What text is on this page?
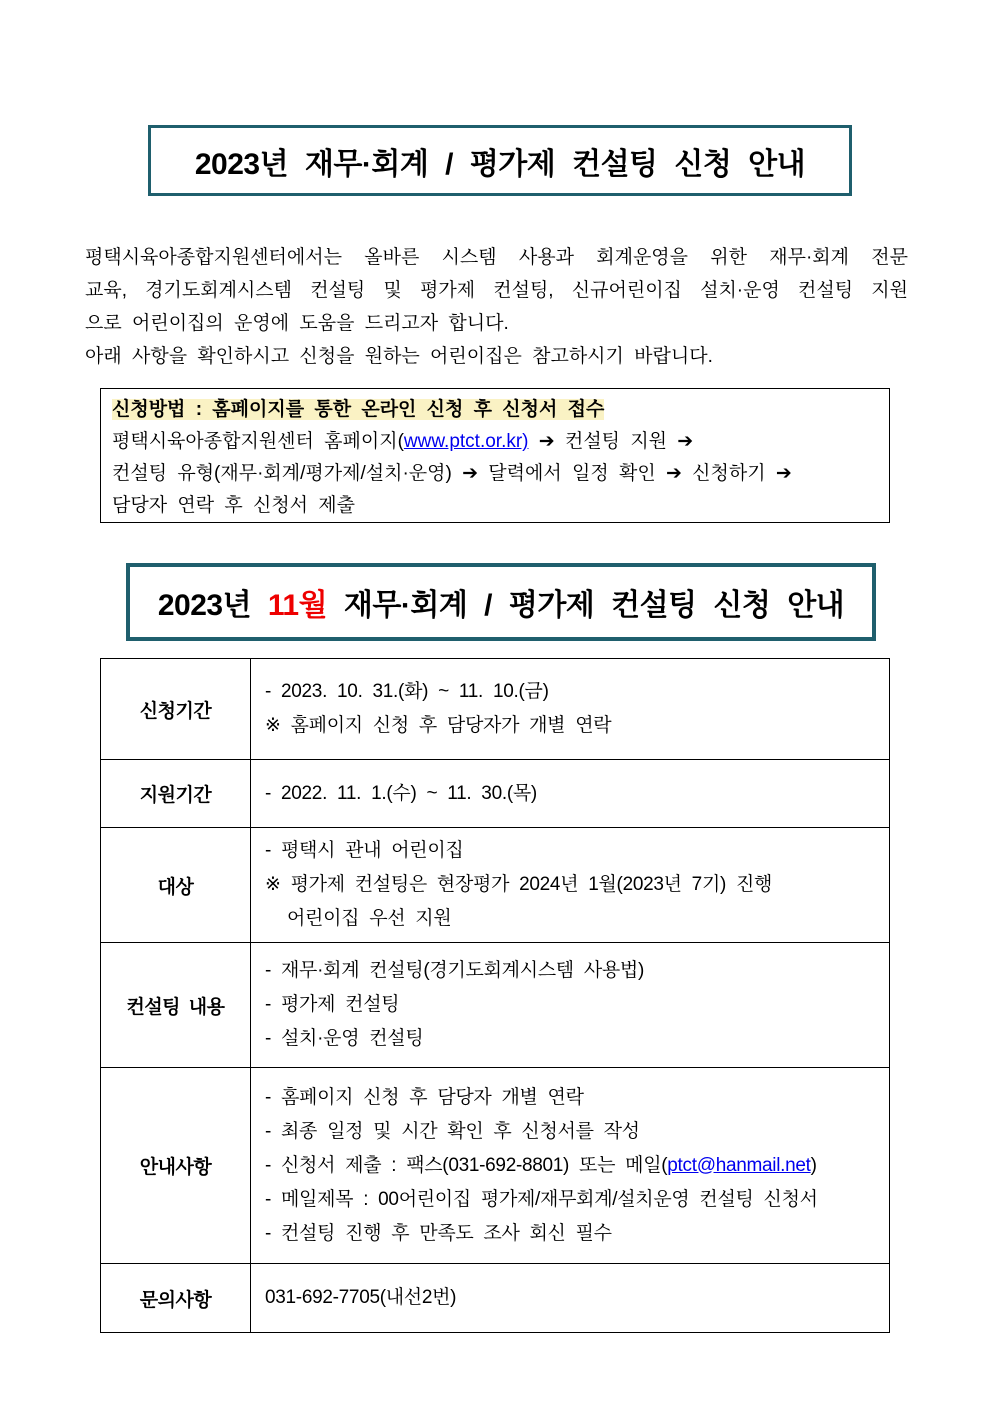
2023년 재무·회계 / 평가제 컨설팅 신청 안내
평택시육아종합지원센터에서는 올바른 시스템 사용과 회계운영을 위한 재무·회계 전문
교육, 경기도회계시스템 컨설팅 및 평가제 컨설팅, 신규어린이집 설치·운영 컨설팅 지원
으로 어린이집의 운영에 도움을 드리고자 합니다.
아래 사항을 확인하시고 신청을 원하는 어린이집은 참고하시기 바랍니다.
신청방법 : 홈페이지를 통한 온라인 신청 후 신청서 접수
평택시육아종합지원센터 홈페이지(www.ptct.or.kr) ➔ 컨설팅 지원 ➔
컨설팅 유형(재무·회계/평가제/설치·운영) ➔ 달력에서 일정 확인 ➔ 신청하기 ➔
담당자 연락 후 신청서 제출
2023년 11월 재무·회계 / 평가제 컨설팅 신청 안내
신청기간	- 2023. 10. 31.(화) ~ 11. 10.(금)
※ 홈페이지 신청 후 담당자가 개별 연락

지원기간	- 2022. 11. 1.(수) ~ 11. 30.(목)

대상	- 평택시 관내 어린이집
※ 평가제 컨설팅은 현장평가 2024년 1월(2023년 7기) 진행
어린이집 우선 지원

컨설팅 내용	- 재무·회계 컨설팅(경기도회계시스템 사용법)
- 평가제 컨설팅
- 설치·운영 컨설팅

안내사항	- 홈페이지 신청 후 담당자 개별 연락
- 최종 일정 및 시간 확인 후 신청서를 작성
- 신청서 제출 : 팩스(031-692-8801) 또는 메일(ptct@hanmail.net)
- 메일제목 : 00어린이집 평가제/재무회계/설치운영 컨설팅 신청서
- 컨설팅 진행 후 만족도 조사 회신 필수

문의사항	031-692-7705(내선2번)
